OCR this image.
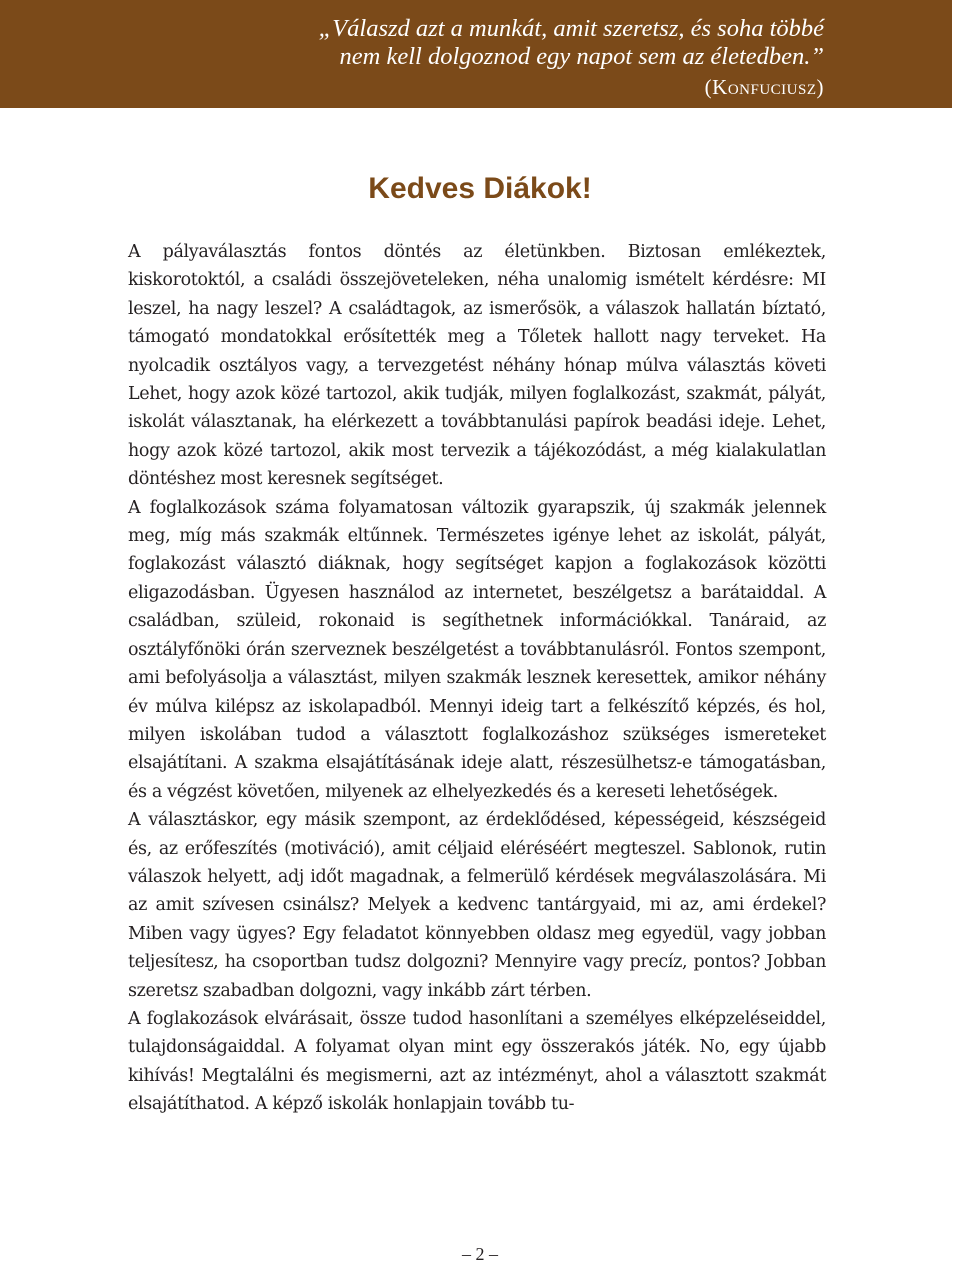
„Válaszd azt a munkát, amit szeretsz, és soha többé
nem kell dolgoznod egy napot sem az életedben.”
(Konfuciusz)
Kedves Diákok!

A pályaválasztás fontos döntés az életünkben. Biztosan emlékeztek, kiskorotoktól, a családi összejöveteleken, néha unalomig ismételt kérdésre: MI leszel, ha nagy leszel? A családtagok, az ismerősök, a válaszok hallatán bíztató, támogató mondatokkal erősítették meg a Tőletek hallott nagy terveket. Ha nyolcadik osztályos vagy, a tervezgetést néhány hónap múlva választás követi Lehet, hogy azok közé tartozol, akik tudják, milyen foglalkozást, szakmát, pályát, iskolát választanak, ha elérkezett a továbbtanulási papírok beadási ideje. Lehet, hogy azok közé tartozol, akik most tervezik a tájékozódást, a még kialakulatlan döntéshez most keresnek segítséget.

A foglalkozások száma folyamatosan változik gyarapszik, új szakmák jelennek meg, míg más szakmák eltűnnek. Természetes igénye lehet az iskolát, pályát, foglakozást választó diáknak, hogy segítséget kapjon a foglakozások közötti eligazodásban. Ügyesen használod az internetet, beszélgetsz a barátaiddal. A családban, szüleid, rokonaid is segíthetnek információkkal. Tanáraid, az osztályfőnöki órán szerveznek beszélgetést a továbbtanulásról. Fontos szempont, ami befolyásolja a választást, milyen szakmák lesznek keresettek, amikor néhány év múlva kilépsz az iskolapadból. Mennyi ideig tart a felkészítő képzés, és hol, milyen iskolában tudod a választott foglalkozáshoz szükséges ismereteket elsajátítani. A szakma elsajátításának ideje alatt, részesülhetsz-e támogatásban, és a végzést követően, milyenek az elhelyezkedés és a kereseti lehetőségek.

A választáskor, egy másik szempont, az érdeklődésed, képességeid, készségeid és, az erőfeszítés (motiváció), amit céljaid eléréséért megteszel. Sablonok, rutin válaszok helyett, adj időt magadnak, a felmerülő kérdések megválaszolására. Mi az amit szívesen csinálsz? Melyek a kedvenc tantárgyaid, mi az, ami érdekel? Miben vagy ügyes? Egy feladatot könnyebben oldasz meg egyedül, vagy jobban teljesítesz, ha csoportban tudsz dolgozni? Mennyire vagy precíz, pontos? Jobban szeretsz szabadban dolgozni, vagy inkább zárt térben.

A foglakozások elvárásait, össze tudod hasonlítani a személyes elképzeléseiddel, tulajdonságaiddal. A folyamat olyan mint egy összerakós játék. No, egy újabb kihívás! Megtalálni és megismerni, azt az intézményt, ahol a választott szakmát elsajátíthatod. A képző iskolák honlapjain tovább tu-

– 2 –
